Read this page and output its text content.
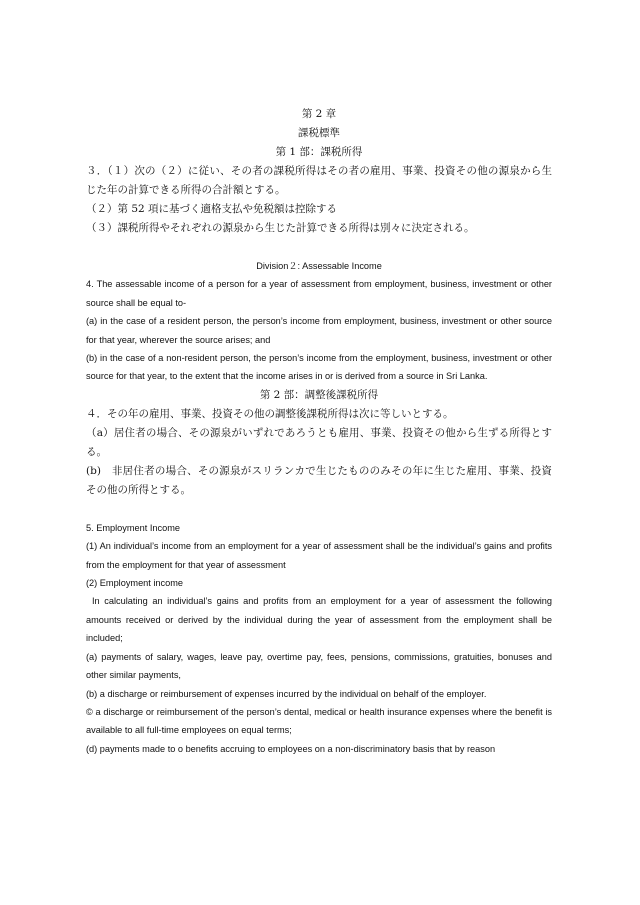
第 2 章

課税標準

第 1 部：課税所得

３．（１）次の（２）に従い、その者の課税所得はその者の雇用、事業、投資その他の源泉から生じた年の計算できる所得の合計額とする。

（２）第 52 項に基づく適格支払や免税額は控除する

（３）課税所得やそれぞれの源泉から生じた計算できる所得は別々に決定される。

Division２: Assessable Income

4. The assessable income of a person for a year of assessment from employment, business, investment or other source shall be equal to-

(a) in the case of a resident person, the person’s income from employment, business, investment or other source for that year, wherever the source arises; and

(b) in the case of a non-resident person, the person’s income from the employment, business, investment or other source for that year, to the extent that the income arises in or is derived from a source in Sri Lanka.

第 2 部：調整後課税所得

４．その年の雇用、事業、投資その他の調整後課税所得は次に等しいとする。

（a）居住者の場合、その源泉がいずれであろうとも雇用、事業、投資その他から生ずる所得とする。

(b)　非居住者の場合、その源泉がスリランカで生じたもののみその年に生じた雇用、事業、投資その他の所得とする。

5. Employment Income

(1) An individual’s income from an employment for a year of assessment shall be the individual’s gains and profits from the employment for that year of assessment

(2) Employment income

In calculating an individual’s gains and profits from an employment for a year of assessment the following amounts received or derived by the individual during the year of assessment from the employment shall be included;

(a) payments of salary, wages, leave pay, overtime pay, fees, pensions, commissions, gratuities, bonuses and other similar payments,

(b) a discharge or reimbursement of expenses incurred by the individual on behalf of the employer.

© a discharge or reimbursement of the person’s dental, medical or health insurance expenses where the benefit is available to all full-time employees on equal terms;

(d) payments made to o benefits accruing to employees on a non-discriminatory basis that by reason
